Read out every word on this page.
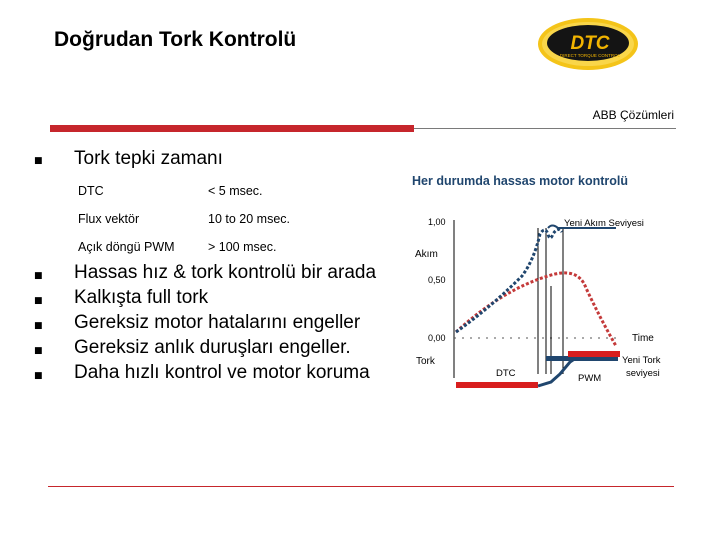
Doğrudan Tork Kontrolü	DTC
DIRECT TORQUE CONTROL
ABB Çözümleri
■ Tork tepki zamanı
DTC	< 5 msec.
Flux vektör	10 to 20 msec.
Açık döngü PWM	> 100 msec.
■ Hassas hız & tork kontrolü bir arada
■ Kalkışta full tork
■ Gereksiz motor hatalarını engeller
■ Gereksiz anlık duruşları engeller.
■ Daha hızlı kontrol ve motor koruma
Her durumda hassas motor kontrolü
1,00
Akım
0,50
0,00
Tork
Yeni Akım Seviyesi
Time
Yeni Tork
seviyesi
DTC	PWM
